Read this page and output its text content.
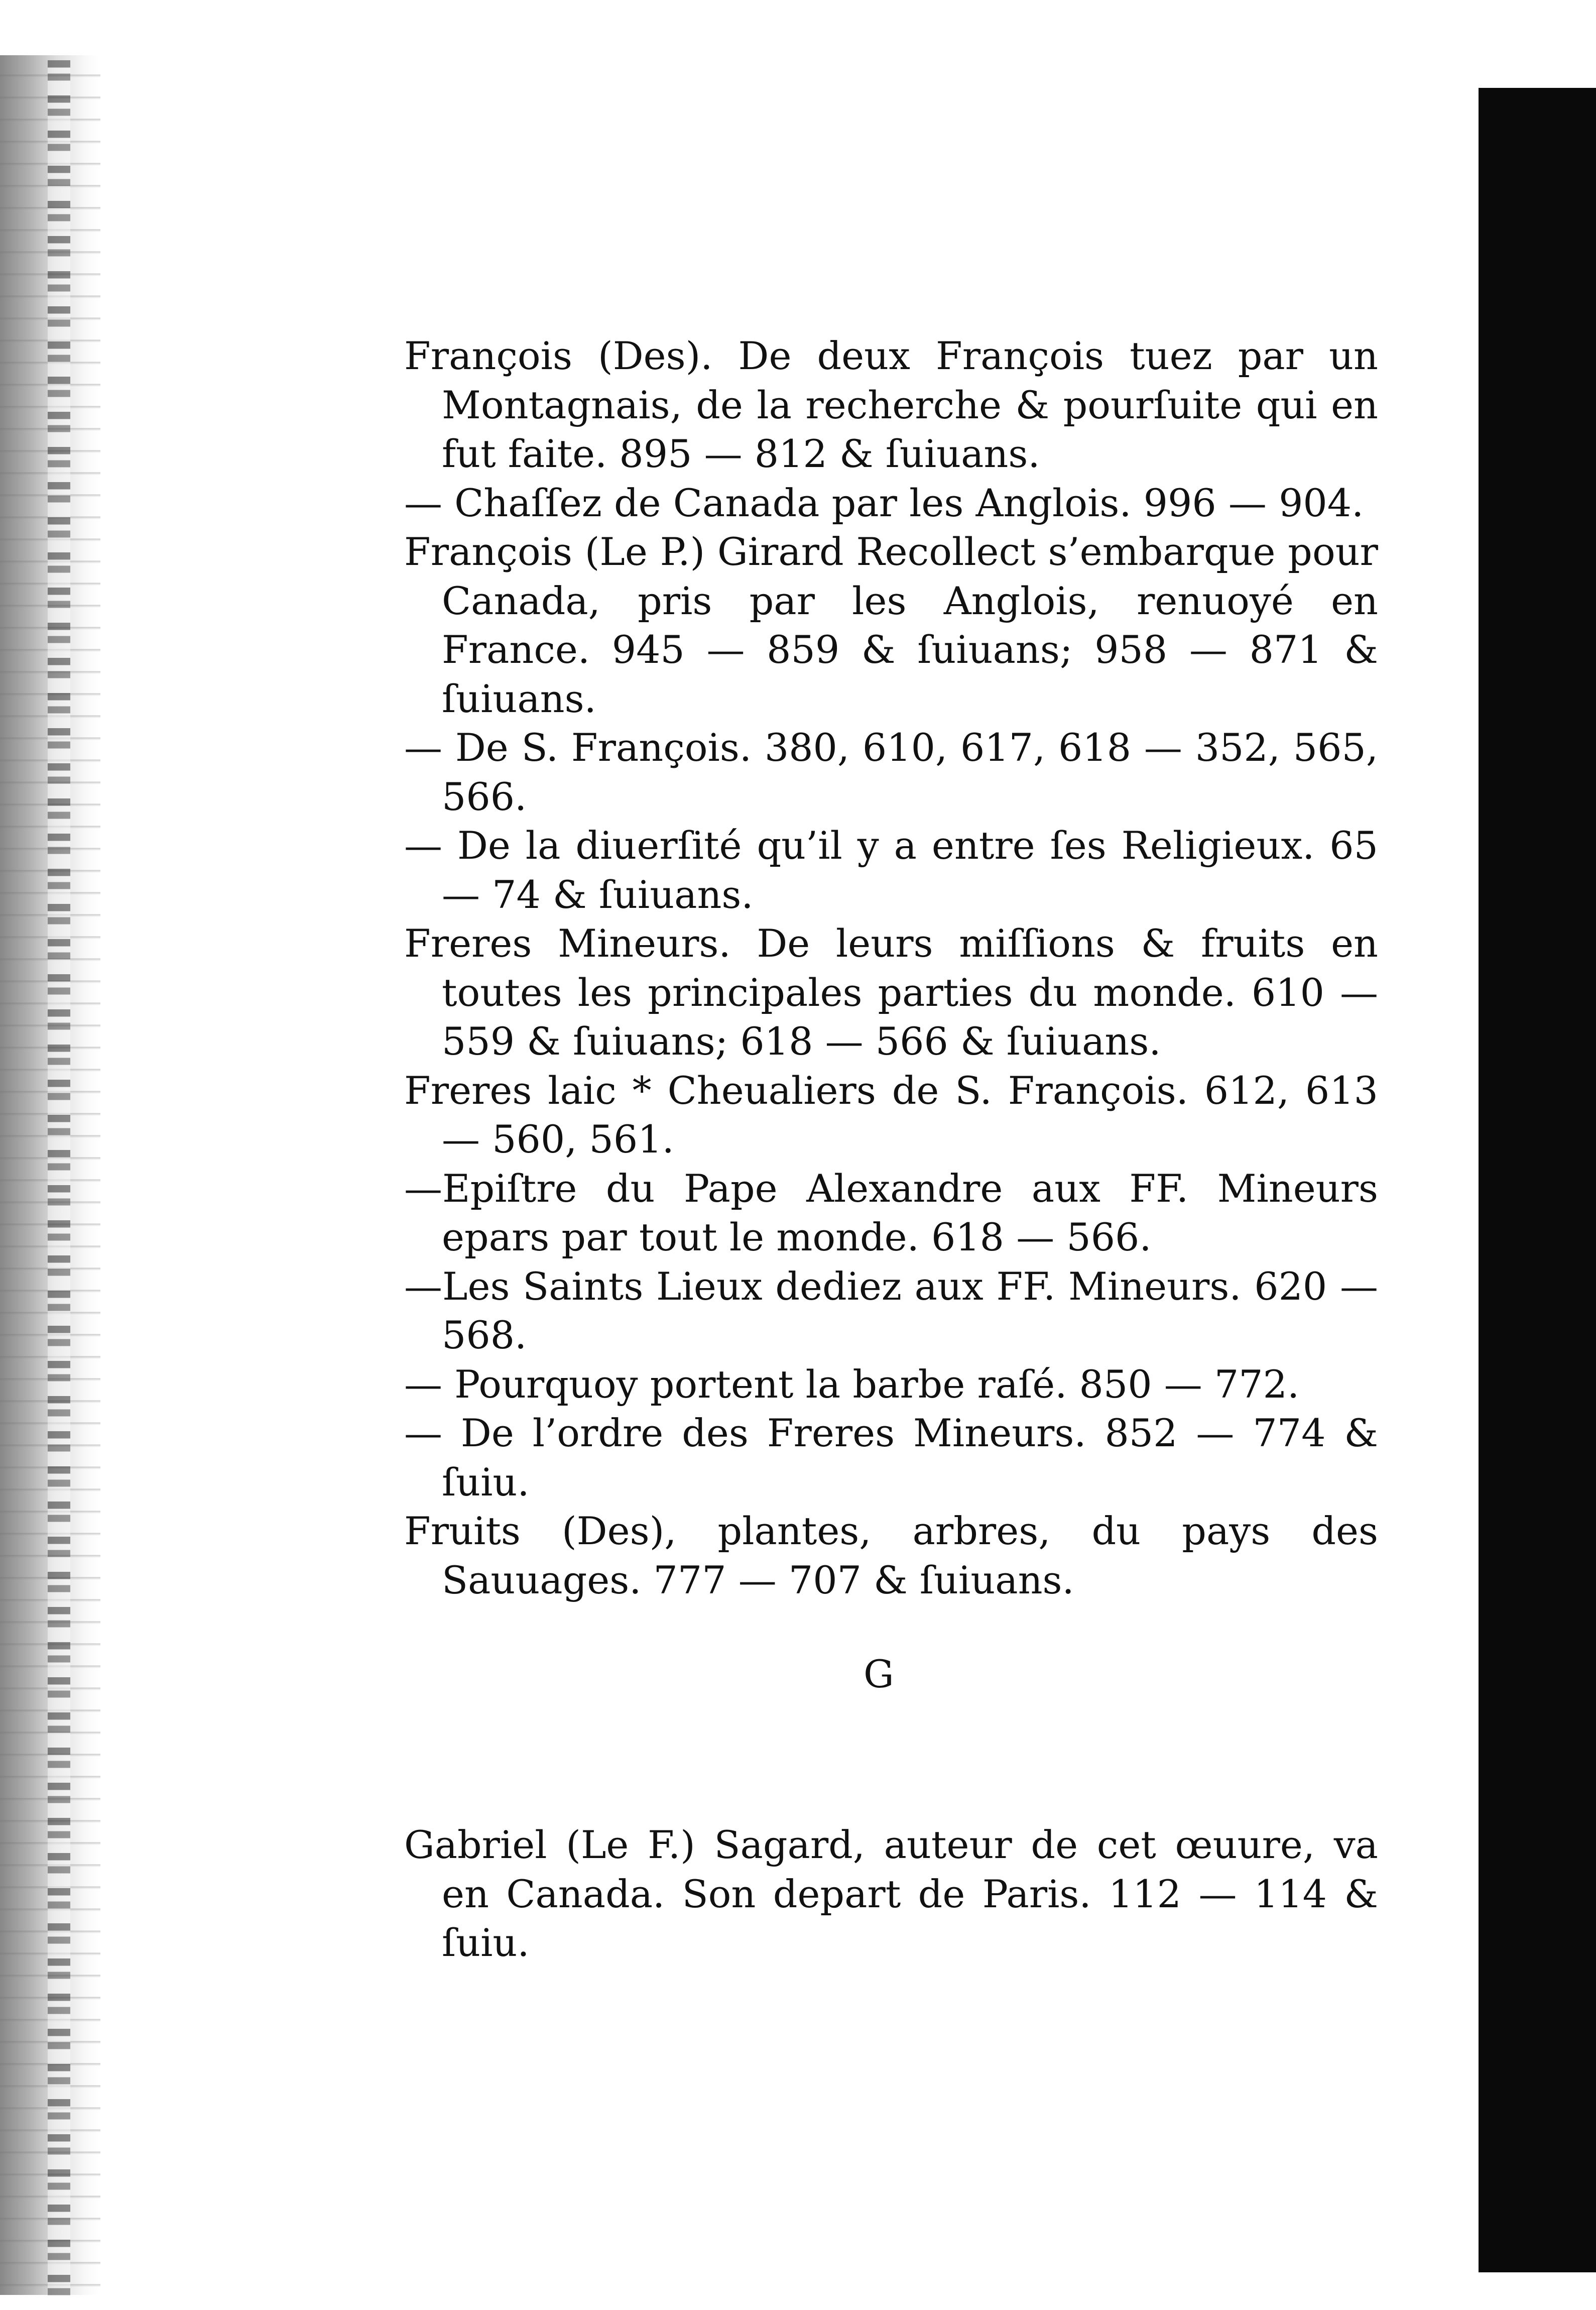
François (Des). De deux François tuez par un Montagnais, de la recherche & pourſuite qui en fut faite. 895 — 812 & ſuiuans.

— Chaſſez de Canada par les Anglois. 996 — 904.

François (Le P.) Girard Recollect s’embarque pour Canada, pris par les Anglois, renuoyé en France. 945 — 859 & ſuiuans; 958 — 871 & ſuiuans.

— De S. François. 380, 610, 617, 618 — 352, 565, 566.

— De la diuerſité qu’il y a entre ſes Religieux. 65 — 74 & ſuiuans.

Freres Mineurs. De leurs miſſions & fruits en toutes les principales parties du monde. 610 — 559 & ſuiuans; 618 — 566 & ſuiuans.

Freres laic * Cheualiers de S. François. 612, 613 — 560, 561.

—Epiſtre du Pape Alexandre aux FF. Mineurs epars par tout le monde. 618 — 566.

—Les Saints Lieux dediez aux FF. Mineurs. 620 — 568.

— Pourquoy portent la barbe raſé. 850 — 772.

— De l’ordre des Freres Mineurs. 852 — 774 & ſuiu.

Fruits (Des), plantes, arbres, du pays des Sauuages. 777 — 707 & ſuiuans.

G

Gabriel (Le F.) Sagard, auteur de cet œuure, va en Canada. Son depart de Paris. 112 — 114 & ſuiu.
